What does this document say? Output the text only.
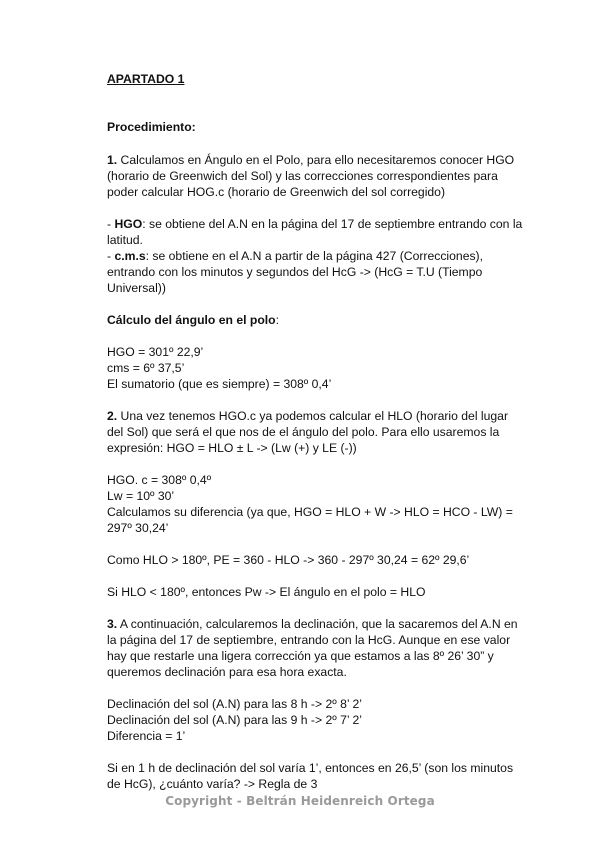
APARTADO 1

Procedimiento:

1. Calculamos en Ángulo en el Polo, para ello necesitaremos conocer HGO (horario de Greenwich del Sol) y las correcciones correspondientes para poder calcular HOG.c (horario de Greenwich del sol corregido)

- HGO: se obtiene del A.N en la página del 17 de septiembre entrando con la latitud.

- c.m.s: se obtiene en el A.N a partir de la página 427 (Correcciones), entrando con los minutos y segundos del HcG -> (HcG = T.U (Tiempo Universal))

Cálculo del ángulo en el polo:

HGO = 301º 22,9’

cms = 6º 37,5’

El sumatorio (que es siempre) = 308º 0,4’

2. Una vez tenemos HGO.c ya podemos calcular el HLO (horario del lugar del Sol) que será el que nos de el ángulo del polo. Para ello usaremos la expresión: HGO = HLO ± L -> (Lw (+) y LE (-))

HGO. c = 308º 0,4º

Lw = 10º 30’

Calculamos su diferencia (ya que, HGO = HLO + W -> HLO = HCO - LW) = 297º 30,24’

Como HLO > 180º, PE = 360 - HLO -> 360 - 297º 30,24 = 62º 29,6’

Si HLO < 180º, entonces Pw -> El ángulo en el polo = HLO

3. A continuación, calcularemos la declinación, que la sacaremos del A.N en la página del 17 de septiembre, entrando con la HcG. Aunque en ese valor hay que restarle una ligera corrección ya que estamos a las 8º 26’ 30” y queremos declinación para esa hora exacta.

Declinación del sol (A.N) para las 8 h -> 2º 8’ 2’

Declinación del sol (A.N) para las 9 h -> 2º 7’ 2’

Diferencia = 1’

Si en 1 h de declinación del sol varía 1’, entonces en 26,5’ (son los minutos de HcG), ¿cuánto varía? -> Regla de 3

Copyright - Beltrán Heidenreich Ortega
